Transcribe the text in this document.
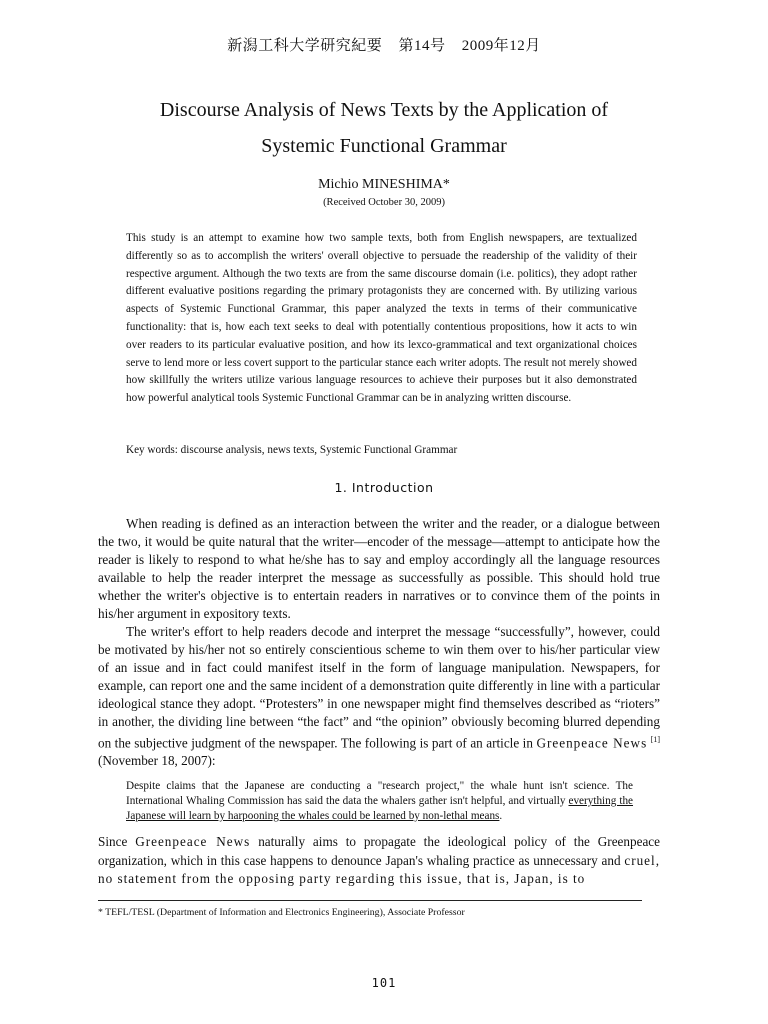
新潟工科大学研究紀要 第14号 2009年12月
Discourse Analysis of News Texts by the Application of
Systemic Functional Grammar
Michio MINESHIMA*
(Received October 30, 2009)
This study is an attempt to examine how two sample texts, both from English newspapers, are textualized differently so as to accomplish the writers' overall objective to persuade the readership of the validity of their respective argument. Although the two texts are from the same discourse domain (i.e. politics), they adopt rather different evaluative positions regarding the primary protagonists they are concerned with. By utilizing various aspects of Systemic Functional Grammar, this paper analyzed the texts in terms of their communicative functionality: that is, how each text seeks to deal with potentially contentious propositions, how it acts to win over readers to its particular evaluative position, and how its lexco-grammatical and text organizational choices serve to lend more or less covert support to the particular stance each writer adopts. The result not merely showed how skillfully the writers utilize various language resources to achieve their purposes but it also demonstrated how powerful analytical tools Systemic Functional Grammar can be in analyzing written discourse.
Key words: discourse analysis, news texts, Systemic Functional Grammar
1. Introduction

When reading is defined as an interaction between the writer and the reader, or a dialogue between the two, it would be quite natural that the writer—encoder of the message—attempt to anticipate how the reader is likely to respond to what he/she has to say and employ accordingly all the language resources available to help the reader interpret the message as successfully as possible. This should hold true whether the writer's objective is to entertain readers in narratives or to convince them of the points in his/her argument in expository texts.

The writer's effort to help readers decode and interpret the message “successfully”, however, could be motivated by his/her not so entirely conscientious scheme to win them over to his/her particular view of an issue and in fact could manifest itself in the form of language manipulation. Newspapers, for example, can report one and the same incident of a demonstration quite differently in line with a particular ideological stance they adopt. “Protesters” in one newspaper might find themselves described as “rioters” in another, the dividing line between “the fact” and “the opinion” obviously becoming blurred depending on the subjective judgment of the newspaper. The following is part of an article in Greenpeace News [1] (November 18, 2007):

Despite claims that the Japanese are conducting a "research project," the whale hunt isn't science. The International Whaling Commission has said the data the whalers gather isn't helpful, and virtually everything the Japanese will learn by harpooning the whales could be learned by non-lethal means.

Since Greenpeace News naturally aims to propagate the ideological policy of the Greenpeace organization, which in this case happens to denounce Japan's whaling practice as unnecessary and cruel, no statement from the opposing party regarding this issue, that is, Japan, is to

* TEFL/TESL (Department of Information and Electronics Engineering), Associate Professor
101
